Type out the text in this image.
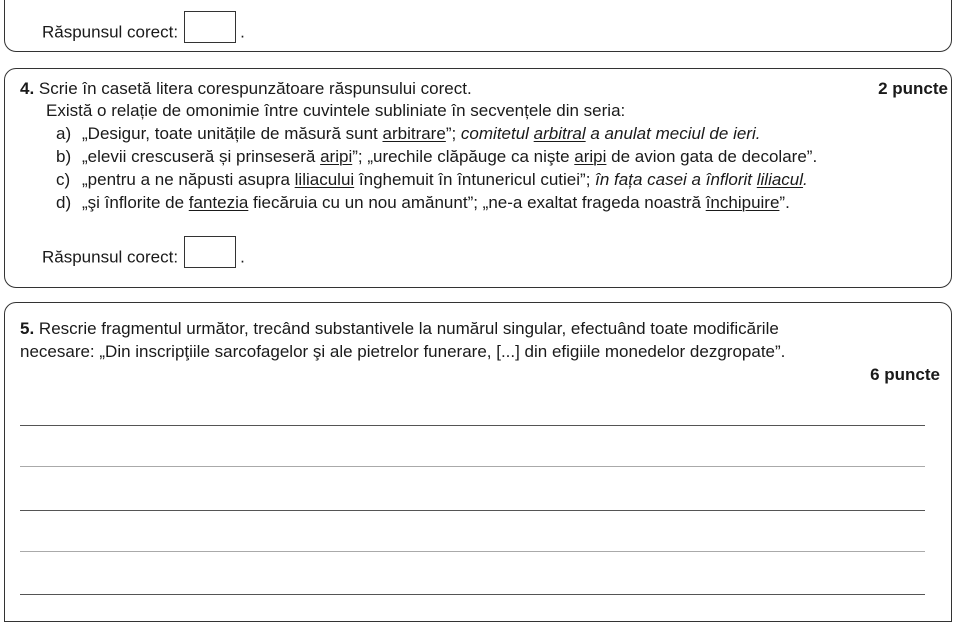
Răspunsul corect:	.
4. Scrie în casetă litera corespunzătoare răspunsului corect.	2 puncte
Există o relație de omonimie între cuvintele subliniate în secvențele din seria:
a) „Desigur, toate unitățile de măsură sunt arbitrare”; comitetul arbitral a anulat meciul de ieri.
b) „elevii crescuseră și prinseseră aripi”; „urechile clăpăuge ca nişte aripi de avion gata de decolare”.
c) „pentru a ne năpusti asupra liliacului înghemuit în întunericul cutiei”; în fața casei a înflorit liliacul.
d) „şi înflorite de fantezia fiecăruia cu un nou amănunt”; „ne-a exaltat frageda noastră închipuire”.
Răspunsul corect:	.
5. Rescrie fragmentul următor, trecând substantivele la numărul singular, efectuând toate modificările
necesare: „Din inscripţiile sarcofagelor şi ale pietrelor funerare, [...] din efigiile monedelor dezgropate”.
6 puncte
